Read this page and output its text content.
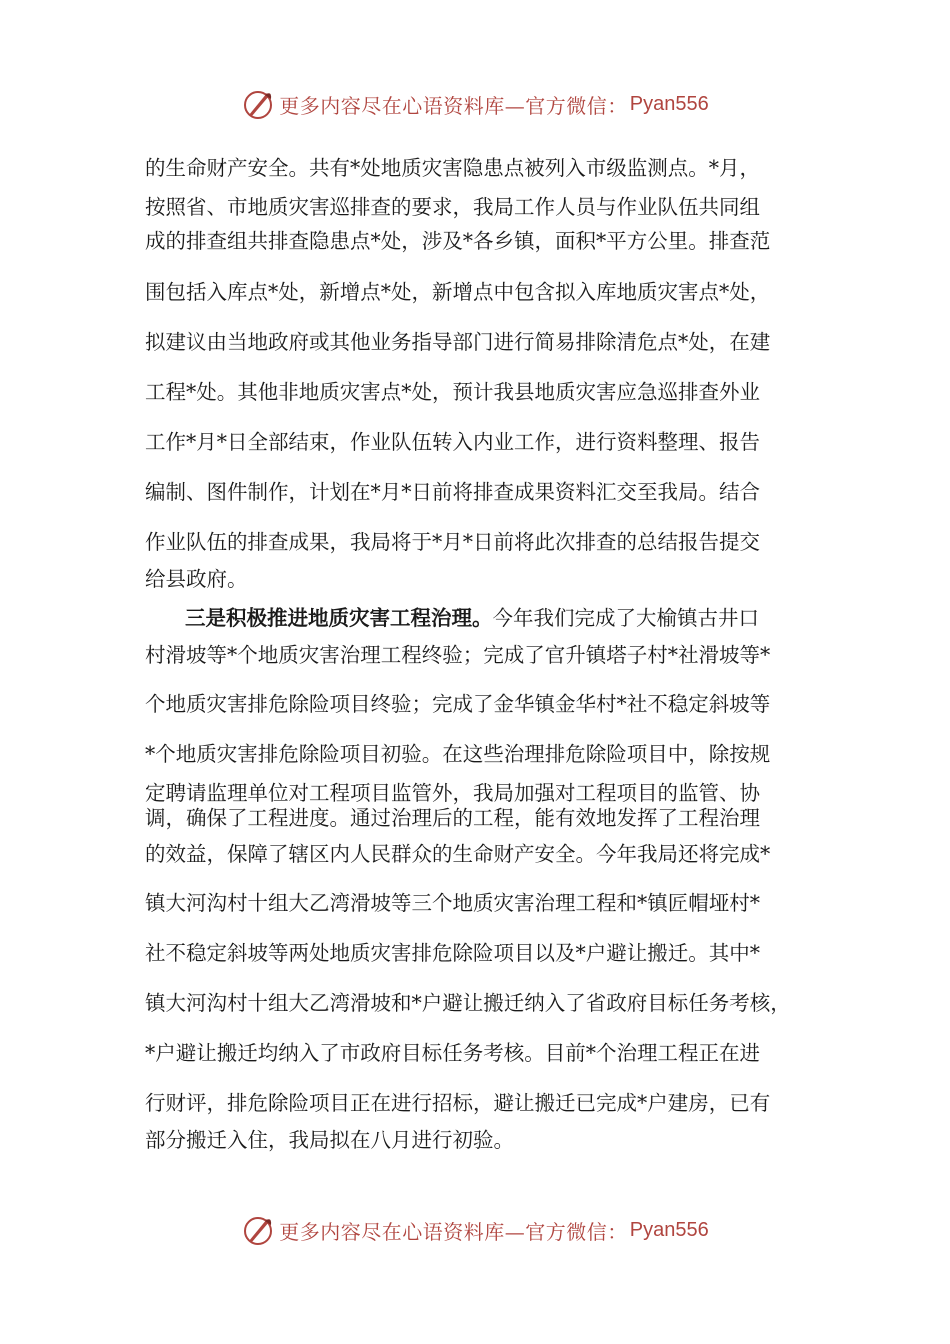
更多内容尽在心语资料库—官方微信： Pyan556
的生命财产安全。共有*处地质灾害隐患点被列入市级监测点。*月，
按照省、市地质灾害巡排查的要求，我局工作人员与作业队伍共同组
成的排查组共排查隐患点*处，涉及*各乡镇，面积*平方公里。排查范
围包括入库点*处，新增点*处，新增点中包含拟入库地质灾害点*处，
拟建议由当地政府或其他业务指导部门进行简易排除清危点*处，在建
工程*处。其他非地质灾害点*处，预计我县地质灾害应急巡排查外业
工作*月*日全部结束，作业队伍转入内业工作，进行资料整理、报告
编制、图件制作，计划在*月*日前将排查成果资料汇交至我局。结合
作业队伍的排查成果，我局将于*月*日前将此次排查的总结报告提交
给县政府。
三是积极推进地质灾害工程治理。今年我们完成了大榆镇古井口
村滑坡等*个地质灾害治理工程终验；完成了官升镇塔子村*社滑坡等*
个地质灾害排危除险项目终验；完成了金华镇金华村*社不稳定斜坡等
*个地质灾害排危除险项目初验。在这些治理排危除险项目中，除按规
定聘请监理单位对工程项目监管外，我局加强对工程项目的监管、协
调，确保了工程进度。通过治理后的工程，能有效地发挥了工程治理
的效益，保障了辖区内人民群众的生命财产安全。今年我局还将完成*
镇大河沟村十组大乙湾滑坡等三个地质灾害治理工程和*镇匠帽垭村*
社不稳定斜坡等两处地质灾害排危除险项目以及*户避让搬迁。其中*
镇大河沟村十组大乙湾滑坡和*户避让搬迁纳入了省政府目标任务考核，
*户避让搬迁均纳入了市政府目标任务考核。目前*个治理工程正在进
行财评，排危除险项目正在进行招标，避让搬迁已完成*户建房，已有
部分搬迁入住，我局拟在八月进行初验。
更多内容尽在心语资料库—官方微信： Pyan556
